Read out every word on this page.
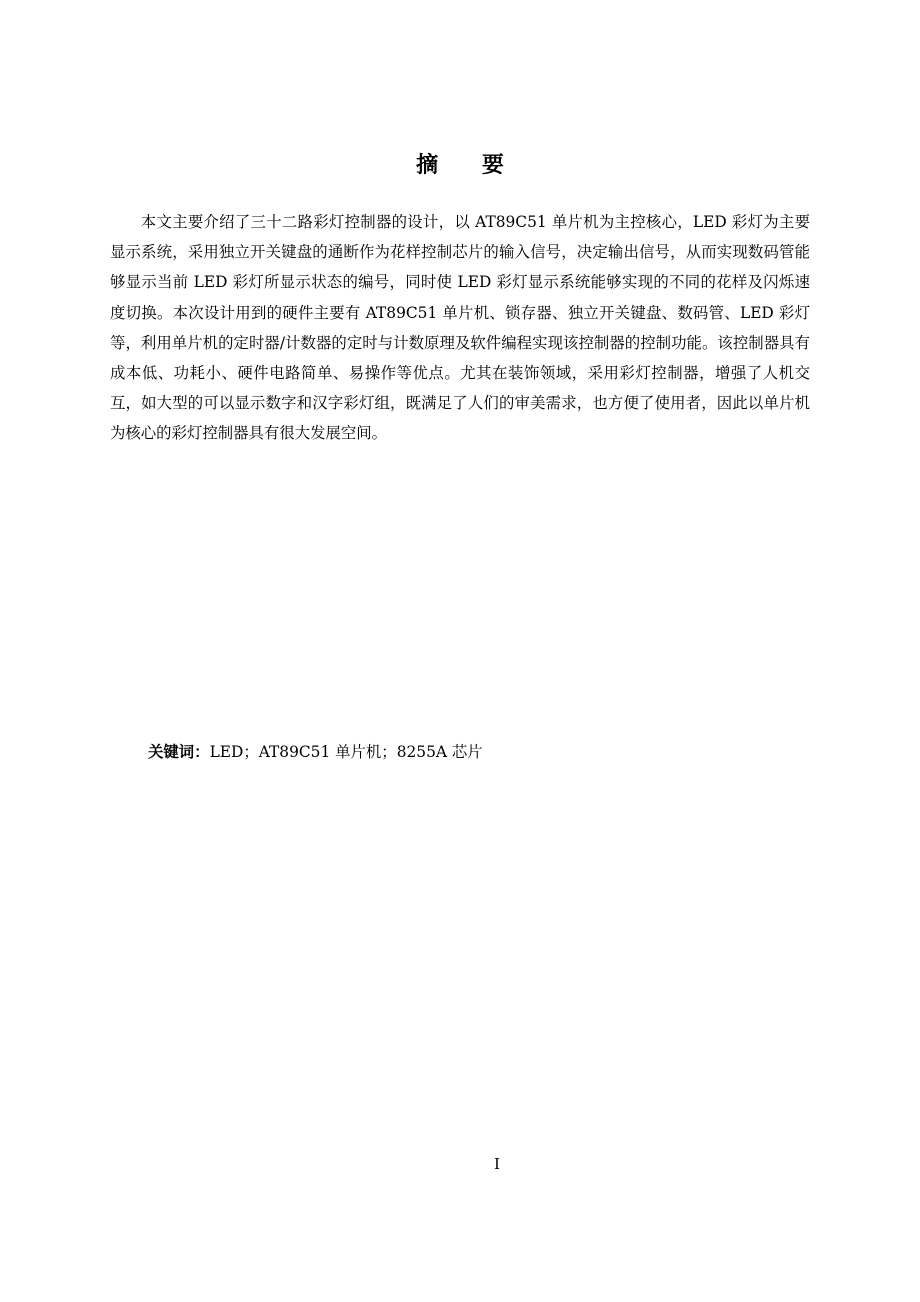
摘 要

本文主要介绍了三十二路彩灯控制器的设计，以 AT89C51 单片机为主控核心，LED 彩灯为主要显示系统，采用独立开关键盘的通断作为花样控制芯片的输入信号，决定输出信号，从而实现数码管能够显示当前 LED 彩灯所显示状态的编号，同时使 LED 彩灯显示系统能够实现的不同的花样及闪烁速度切换。本次设计用到的硬件主要有 AT89C51 单片机、锁存器、独立开关键盘、数码管、LED 彩灯等，利用单片机的定时器/计数器的定时与计数原理及软件编程实现该控制器的控制功能。该控制器具有成本低、功耗小、硬件电路简单、易操作等优点。尤其在装饰领域，采用彩灯控制器，增强了人机交互，如大型的可以显示数字和汉字彩灯组，既满足了人们的审美需求，也方便了使用者，因此以单片机为核心的彩灯控制器具有很大发展空间。

关键词：LED；AT89C51 单片机；8255A 芯片
I
